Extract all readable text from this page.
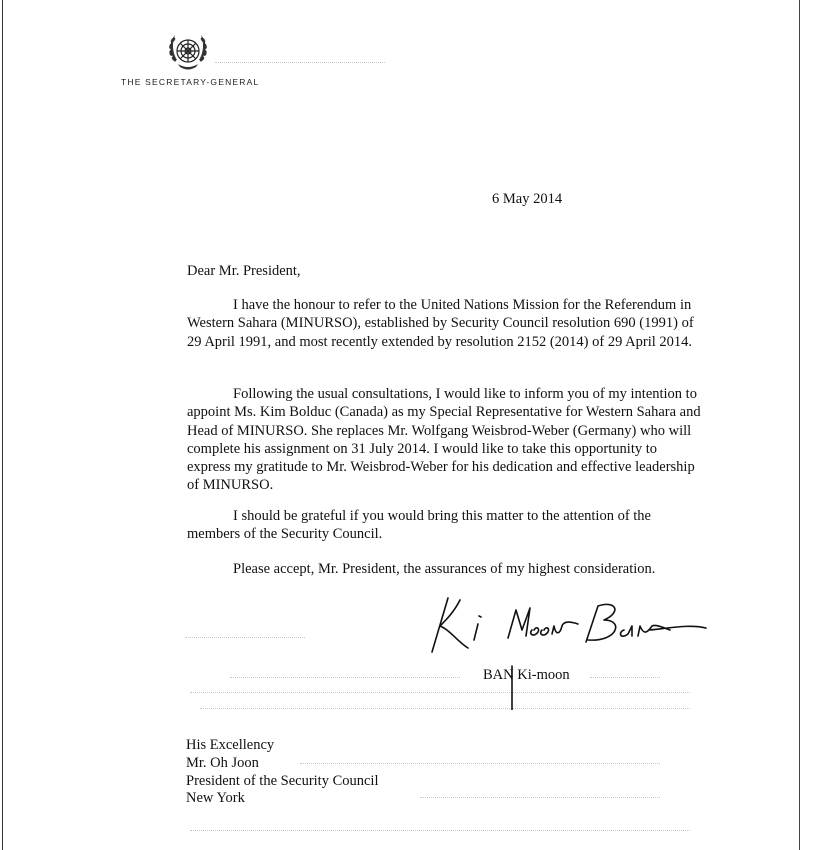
THE SECRETARY-GENERAL
6 May 2014
Dear Mr. President,

I have the honour to refer to the United Nations Mission for the Referendum in Western Sahara (MINURSO), established by Security Council resolution 690 (1991) of 29 April 1991, and most recently extended by resolution 2152 (2014) of 29 April 2014.

Following the usual consultations, I would like to inform you of my intention to appoint Ms. Kim Bolduc (Canada) as my Special Representative for Western Sahara and Head of MINURSO. She replaces Mr. Wolfgang Weisbrod-Weber (Germany) who will complete his assignment on 31 July 2014. I would like to take this opportunity to express my gratitude to Mr. Weisbrod-Weber for his dedication and effective leadership of MINURSO.

I should be grateful if you would bring this matter to the attention of the members of the Security Council.

Please accept, Mr. President, the assurances of my highest consideration.

BAN Ki-moon
His Excellency
Mr. Oh Joon
President of the Security Council
New York
